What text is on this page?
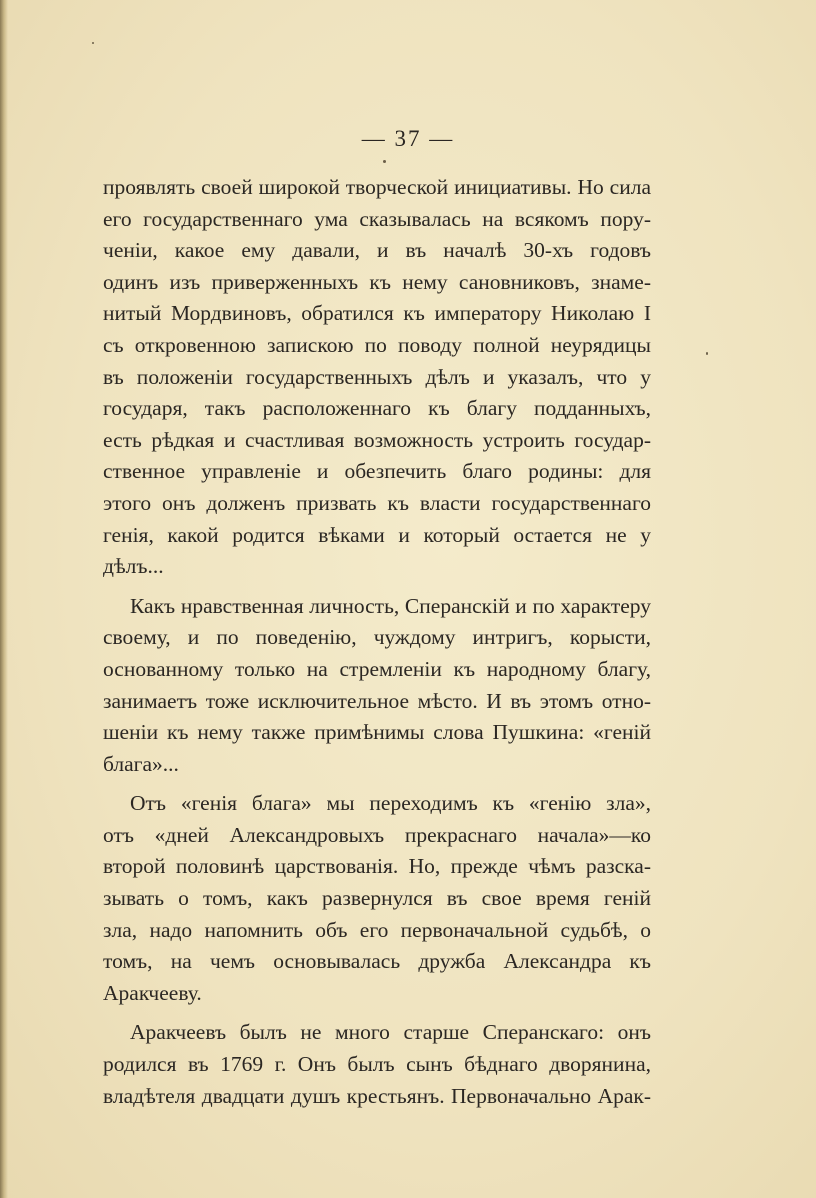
— 37 —
проявлять своей широкой творческой инициативы. Но сила
его государственнаго ума сказывалась на всякомъ пору-
ченіи, какое ему давали, и въ началѣ 30-хъ годовъ
одинъ изъ приверженныхъ къ нему сановниковъ, знаме-
нитый Мордвиновъ, обратился къ императору Николаю I
съ откровенною запискою по поводу полной неурядицы
въ положеніи государственныхъ дѣлъ и указалъ, что у
государя, такъ расположеннаго къ благу подданныхъ,
есть рѣдкая и счастливая возможность устроить государ-
ственное управленіе и обезпечить благо родины: для
этого онъ долженъ призвать къ власти государственнаго
генія, какой родится вѣками и который остается не у
дѣлъ...
Какъ нравственная личность, Сперанскій и по характеру
своему, и по поведенію, чуждому интригъ, корысти,
основанному только на стремленіи къ народному благу,
занимаетъ тоже исключительное мѣсто. И въ этомъ отно-
шеніи къ нему также примѣнимы слова Пушкина: «геній
блага»...
Отъ «генія блага» мы переходимъ къ «генію зла»,
отъ «дней Александровыхъ прекраснаго начала»—ко
второй половинѣ царствованія. Но, прежде чѣмъ разска-
зывать о томъ, какъ развернулся въ свое время геній
зла, надо напомнить объ его первоначальной судьбѣ, о
томъ, на чемъ основывалась дружба Александра къ
Аракчееву.
Аракчеевъ былъ не много старше Сперанскаго: онъ
родился въ 1769 г. Онъ былъ сынъ бѣднаго дворянина,
владѣтеля двадцати душъ крестьянъ. Первоначально Арак-
